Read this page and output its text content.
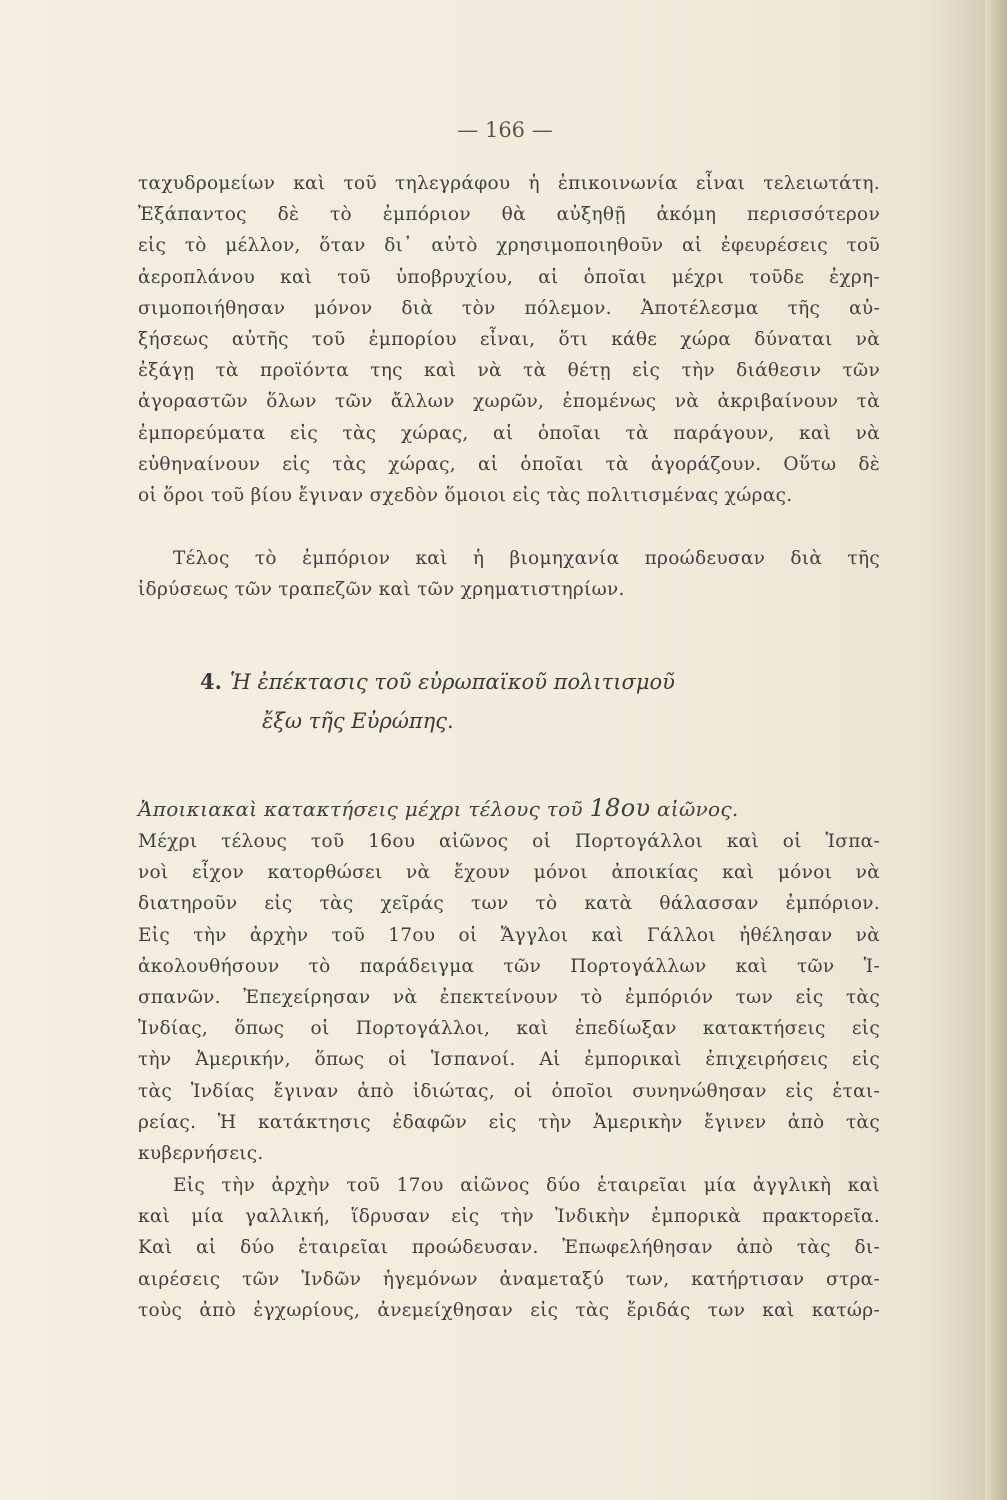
— 166 —
ταχυδρομείων καὶ τοῦ τηλεγράφου ἡ ἐπικοινωνία εἶναι τελειωτάτη.
Ἐξάπαντος δὲ τὸ ἐμπόριον θὰ αὐξηθῇ ἀκόμη περισσότερον
εἰς τὸ μέλλον, ὅταν δι᾿ αὐτὸ χρησιμοποιηθοῦν αἱ ἐφευρέσεις τοῦ
ἀεροπλάνου καὶ τοῦ ὑποβρυχίου, αἱ ὁποῖαι μέχρι τοῦδε ἐχρη-
σιμοποιήθησαν μόνον διὰ τὸν πόλεμον. Ἀποτέλεσμα τῆς αὐ-
ξήσεως αὐτῆς τοῦ ἐμπορίου εἶναι, ὅτι κάθε χώρα δύναται νὰ
ἐξάγῃ τὰ προϊόντα της καὶ νὰ τὰ θέτῃ εἰς τὴν διάθεσιν τῶν
ἀγοραστῶν ὅλων τῶν ἄλλων χωρῶν, ἐπομένως νὰ ἀκριβαίνουν τὰ
ἐμπορεύματα εἰς τὰς χώρας, αἱ ὁποῖαι τὰ παράγουν, καὶ νὰ
εὐθηναίνουν εἰς τὰς χώρας, αἱ ὁποῖαι τὰ ἀγοράζουν. Οὕτω δὲ
οἱ ὅροι τοῦ βίου ἔγιναν σχεδὸν ὅμοιοι εἰς τὰς πολιτισμένας χώρας.
Τέλος τὸ ἐμπόριον καὶ ἡ βιομηχανία προώδευσαν διὰ τῆς
ἱδρύσεως τῶν τραπεζῶν καὶ τῶν χρηματιστηρίων.
4. Ἡ ἐπέκτασις τοῦ εὐρωπαϊκοῦ πολιτισμοῦ
ἔξω τῆς Εὐρώπης.
Ἀποικιακαὶ κατακτήσεις μέχρι τέλους τοῦ 18ου αἰῶνος.
Μέχρι τέλους τοῦ 16ου αἰῶνος οἱ Πορτογάλλοι καὶ οἱ Ἱσπα-
νοὶ εἶχον κατορθώσει νὰ ἔχουν μόνοι ἀποικίας καὶ μόνοι νὰ
διατηροῦν εἰς τὰς χεῖράς των τὸ κατὰ θάλασσαν ἐμπόριον.
Εἰς τὴν ἀρχὴν τοῦ 17ου οἱ Ἄγγλοι καὶ Γάλλοι ἠθέλησαν νὰ
ἀκολουθήσουν τὸ παράδειγμα τῶν Πορτογάλλων καὶ τῶν Ἱ-
σπανῶν. Ἐπεχείρησαν νὰ ἐπεκτείνουν τὸ ἐμπόριόν των εἰς τὰς
Ἰνδίας, ὅπως οἱ Πορτογάλλοι, καὶ ἐπεδίωξαν κατακτήσεις εἰς
τὴν Ἀμερικήν, ὅπως οἱ Ἱσπανοί. Αἱ ἐμπορικαὶ ἐπιχειρήσεις εἰς
τὰς Ἰνδίας ἔγιναν ἀπὸ ἰδιώτας, οἱ ὁποῖοι συνηνώθησαν εἰς ἑται-
ρείας. Ἡ κατάκτησις ἐδαφῶν εἰς τὴν Ἀμερικὴν ἔγινεν ἀπὸ τὰς
κυβερνήσεις.
Εἰς τὴν ἀρχὴν τοῦ 17ου αἰῶνος δύο ἑταιρεῖαι μία ἀγγλικὴ καὶ
καὶ μία γαλλική, ἵδρυσαν εἰς τὴν Ἰνδικὴν ἐμπορικὰ πρακτορεῖα.
Καὶ αἱ δύο ἑταιρεῖαι προώδευσαν. Ἐπωφελήθησαν ἀπὸ τὰς δι-
αιρέσεις τῶν Ἰνδῶν ἡγεμόνων ἀναμεταξύ των, κατήρτισαν στρα-
τοὺς ἀπὸ ἐγχωρίους, ἀνεμείχθησαν εἰς τὰς ἔριδάς των καὶ κατώρ-
